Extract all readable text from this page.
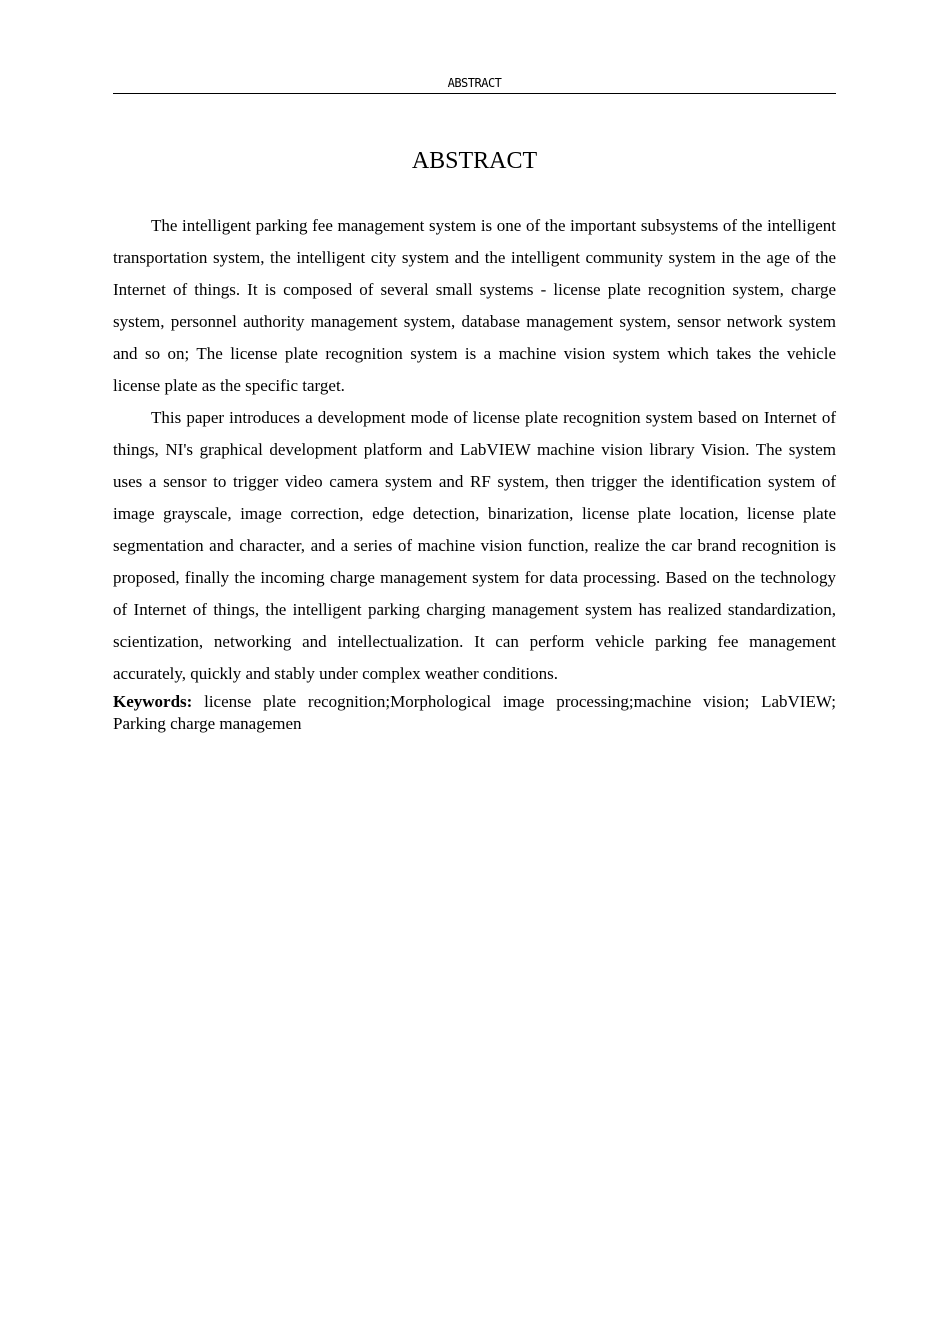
ABSTRACT
ABSTRACT

The intelligent parking fee management system is one of the important subsystems of the intelligent transportation system, the intelligent city system and the intelligent community system in the age of the Internet of things. It is composed of several small systems - license plate recognition system, charge system, personnel authority management system, database management system, sensor network system and so on; The license plate recognition system is a machine vision system which takes the vehicle license plate as the specific target.

This paper introduces a development mode of license plate recognition system based on Internet of things, NI's graphical development platform and LabVIEW machine vision library Vision. The system uses a sensor to trigger video camera system and RF system, then trigger the identification system of image grayscale, image correction, edge detection, binarization, license plate location, license plate segmentation and character, and a series of machine vision function, realize the car brand recognition is proposed, finally the incoming charge management system for data processing. Based on the technology of Internet of things, the intelligent parking charging management system has realized standardization, scientization, networking and intellectualization. It can perform vehicle parking fee management accurately, quickly and stably under complex weather conditions.

Keywords: license plate recognition;Morphological image processing;machine vision; LabVIEW; Parking charge managemen
